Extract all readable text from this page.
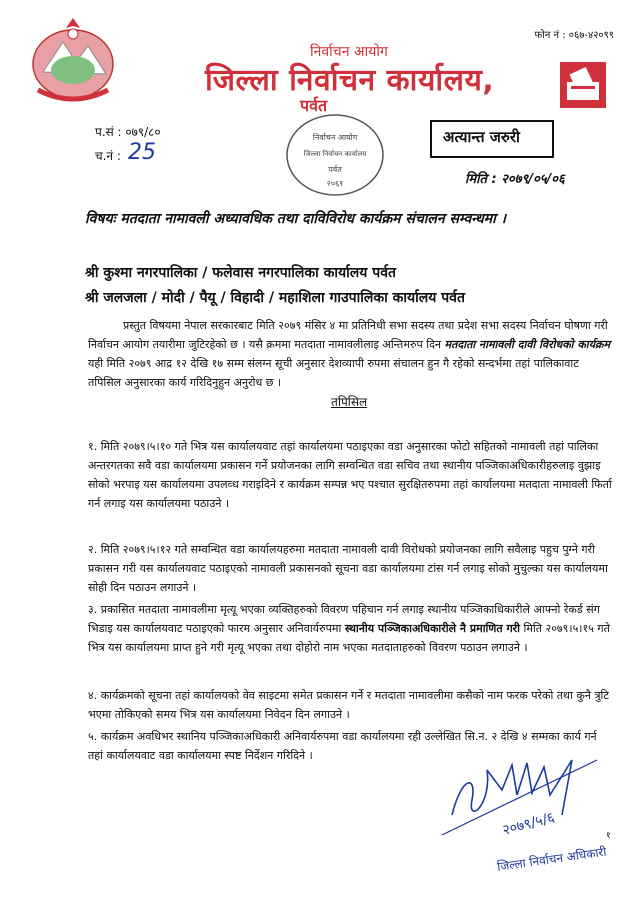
फोन नं : ०६७-४२०९९
निर्वाचन आयोग
जिल्ला निर्वाचन कार्यालय,
पर्वत
प.सं : ०७९/८०
च.नं : 25
निर्वाचन आयोग
जिल्ला निर्वाचन कार्यालय
पर्वत
२०६१
अत्यान्त जरुरी
मिति : २०७९/०५/०६
विषयः मतदाता नामावली अध्यावधिक तथा दाविविरोध कार्यक्रम संचालन सम्वन्धमा ।
श्री कुश्मा नगरपालिका / फलेवास नगरपालिका कार्यालय पर्वत
श्री जलजला / मोदी / पैयू / विहादी / महाशिला गाउपालिका कार्यालय पर्वत
प्रस्तुत विषयमा नेपाल सरकारबाट मिति २०७९ मंसिर ४ मा प्रतिनिधी सभा सदस्य तथा प्रदेश सभा सदस्य निर्वाचन घोषणा गरी निर्वाचन आयोग तयारीमा जुटिरहेको छ । यसै क्रममा मतदाता नामावलीलाइ अन्तिमरुप दिन मतदाता नामावली दावी विरोधको कार्यक्रम यही मिति २०७९ आद्र १२ देखि १७ सम्म संलग्न सूची अनुसार देशव्यापी रुपमा संचालन हुन गै रहेको सन्दर्भमा तहां पालिकावाट तपिसिल अनुसारका कार्य गरिदिनुहुन अनुरोध छ ।
तपिसिल
१. मिति २०७९।५।१० गते भित्र यस कार्यालयवाट तहां कार्यालयमा पठाइएका वडा अनुसारका फोटो सहितको नामावली तहां पालिका अन्तरगतका सवै वडा कार्यालयमा प्रकासन गर्ने प्रयोजनका लागि सम्वन्धित वडा सचिव तथा स्थानीय पञ्जिकाअधिकारीहरुलाइ वुझाइ सोको भरपाइ यस कार्यालयमा उपलव्ध गराइदिने र कार्यक्रम सम्पन्न भए पश्चात सुरक्षितरुपमा तहां कार्यालयमा मतदाता नामावली फिर्ता गर्न लगाइ यस कार्यालयमा पठाउने ।
२. मिति २०७९।५।१२ गते सम्वन्धित वडा कार्यालयहरुमा मतदाता नामावली दावी विरोधको प्रयोजनका लागि सवैलाइ पहुच पुग्ने गरी प्रकासन गरी यस कार्यालयवाट पठाइएको नामावली प्रकासनको सूचना वडा कार्यालयमा टांस गर्न लगाइ सोको मुचुल्का यस कार्यालयमा सोही दिन पठाउन लगाउने ।
३. प्रकासित मतदाता नामावलीमा मृत्यू भएका व्यक्तिहरुको विवरण पहिचान गर्न लगाइ स्थानीय पञ्जिकाधिकारीले आफ्नो रेकर्ड संग भिडाइ यस कार्यालयवाट पठाइएको फारम अनुसार अनिवार्यरुपमा स्थानीय पञ्जिकाअधिकारीले नै प्रमाणित गरी मिति २०७९।५।१५ गते भित्र यस कार्यालयमा प्राप्त हुने गरी मृत्यू भएका तथा दोहोरो नाम भएका मतदाताहरुको विवरण पठाउन लगाउने ।
४. कार्यक्रमको सूचना तहां कार्यालयको वेव साइटमा समेत प्रकासन गर्ने र मतदाता नामावलीमा कसैको नाम फरक परेको तथा कुनै त्रुटि भएमा तोकिएको समय भित्र यस कार्यालयमा निवेदन दिन लगाउने ।
५. कार्यक्रम अवधिभर स्थानिय पञ्जिकाअधिकारी अनिवार्यरुपमा वडा कार्यालयमा रही उल्लेखित सि.न. २ देखि ४ सम्मका कार्य गर्न तहां कार्यालयवाट वडा कार्यालयमा स्पष्ट निर्देशन गरिदिने ।
२०७९/५/६
जिल्ला निर्वाचन अधिकारी
१
